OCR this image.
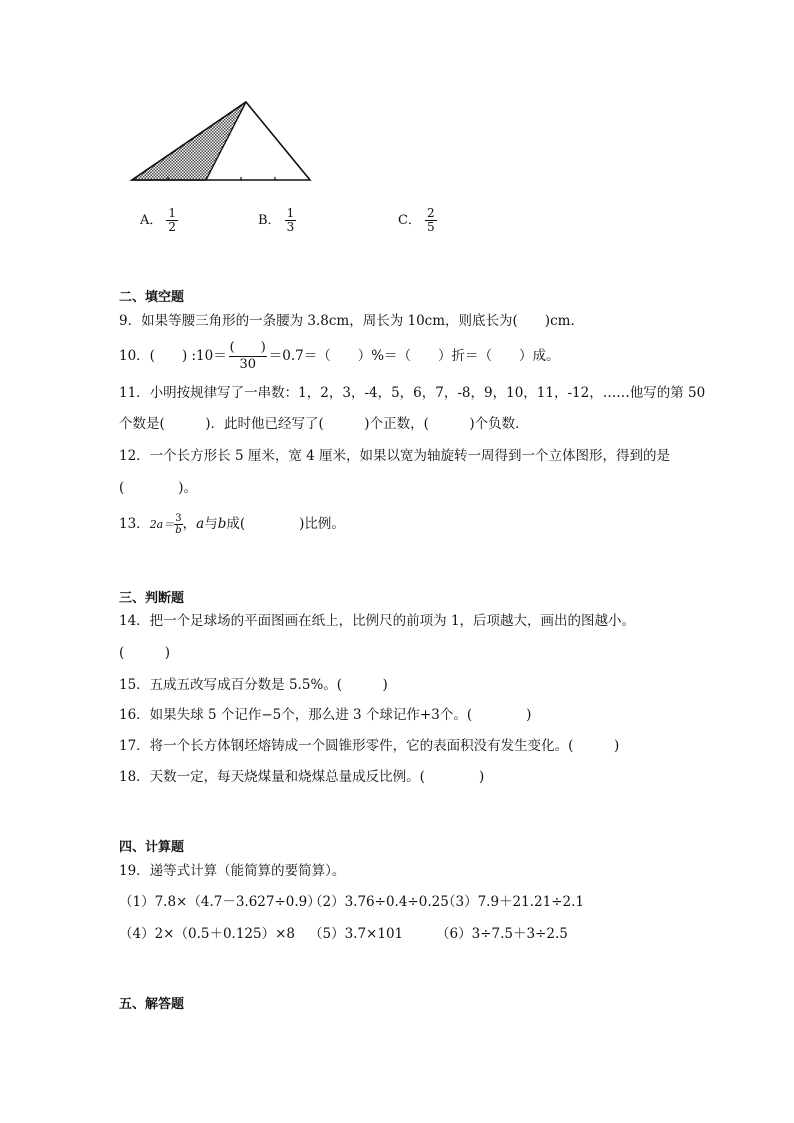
A． $\frac{1}{2}$	B． $\frac{1}{3}$	C． $\frac{2}{5}$
二、填空题
9．如果等腰三角形的一条腰为 3.8cm，周长为 10cm，则底长为(　　)cm.
10．(　　) :10＝ $\frac{( )}{30} =0.7=$（　　）%＝（　　）折＝（　　）成。
11．小明按规律写了一串数：1，2，3，-4，5，6，7，-8，9，10，11，-12，……他写的第 50
个数是(　　　)．此时他已经写了(　　　)个正数，(　　　)个负数．
12．一个长方形长 5 厘米，宽 4 厘米，如果以宽为轴旋转一周得到一个立体图形，得到的是
(　　　　)。
13．$2a= \frac{3}{b}$ ，a与b成(　　　　)比例。
三、判断题
14．把一个足球场的平面图画在纸上，比例尺的前项为 1，后项越大，画出的图越小。
(　　　)
15．五成五改写成百分数是 5.5%。(　　　)
16．如果失球 5 个记作−5个，那么进 3 个球记作+3个。(　　　　)
17．将一个长方体钢坯熔铸成一个圆锥形零件，它的表面积没有发生变化。(　　　)
18．天数一定，每天烧煤量和烧煤总量成反比例。(　　　　)
四、计算题
19．递等式计算（能简算的要简算）。
（1）7.8×（4.7－3.627÷0.9）
（2）3.76÷0.4÷0.25
（3）7.9＋21.21÷2.1
（4）2×（0.5＋0.125）×8 （5）3.7×101 （6）3÷7.5＋3÷2.5
五、解答题
